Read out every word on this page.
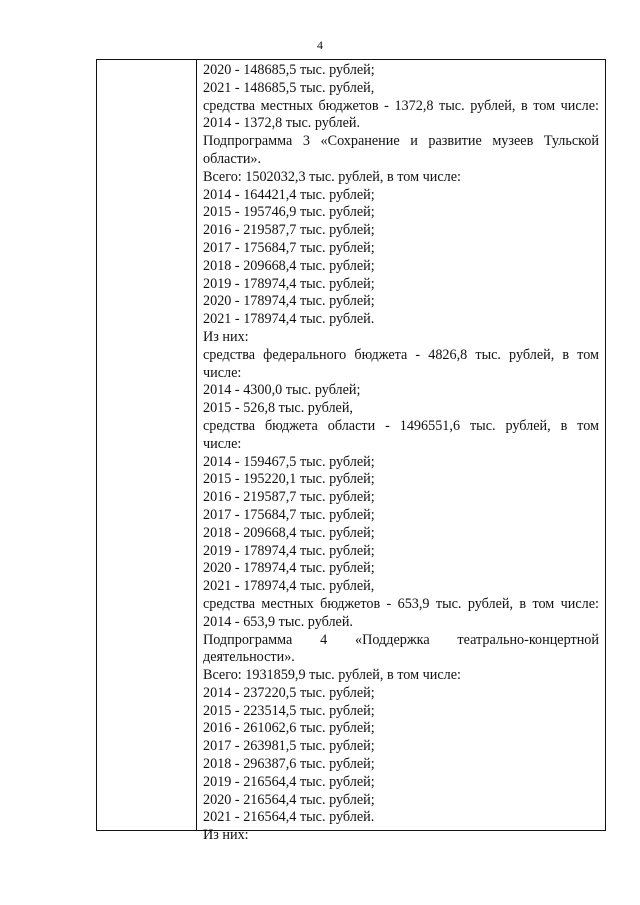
4
2020 - 148685,5 тыс. рублей;
2021 - 148685,5 тыс. рублей,
средства местных бюджетов - 1372,8 тыс. рублей, в том числе:
2014 - 1372,8 тыс. рублей.
Подпрограмма 3 «Сохранение и развитие музеев Тульской
области».
Всего: 1502032,3 тыс. рублей, в том числе:
2014 - 164421,4 тыс. рублей;
2015 - 195746,9 тыс. рублей;
2016 - 219587,7 тыс. рублей;
2017 - 175684,7 тыс. рублей;
2018 - 209668,4 тыс. рублей;
2019 - 178974,4 тыс. рублей;
2020 - 178974,4 тыс. рублей;
2021 - 178974,4 тыс. рублей.
Из них:
средства федерального бюджета - 4826,8 тыс. рублей, в том
числе:
2014 - 4300,0 тыс. рублей;
2015 - 526,8 тыс. рублей,
средства бюджета области - 1496551,6 тыс. рублей, в том
числе:
2014 - 159467,5 тыс. рублей;
2015 - 195220,1 тыс. рублей;
2016 - 219587,7 тыс. рублей;
2017 - 175684,7 тыс. рублей;
2018 - 209668,4 тыс. рублей;
2019 - 178974,4 тыс. рублей;
2020 - 178974,4 тыс. рублей;
2021 - 178974,4 тыс. рублей,
средства местных бюджетов - 653,9 тыс. рублей, в том числе:
2014 - 653,9 тыс. рублей.
Подпрограмма 4 «Поддержка театрально-концертной
деятельности».
Всего: 1931859,9 тыс. рублей, в том числе:
2014 - 237220,5 тыс. рублей;
2015 - 223514,5 тыс. рублей;
2016 - 261062,6 тыс. рублей;
2017 - 263981,5 тыс. рублей;
2018 - 296387,6 тыс. рублей;
2019 - 216564,4 тыс. рублей;
2020 - 216564,4 тыс. рублей;
2021 - 216564,4 тыс. рублей.
Из них:
